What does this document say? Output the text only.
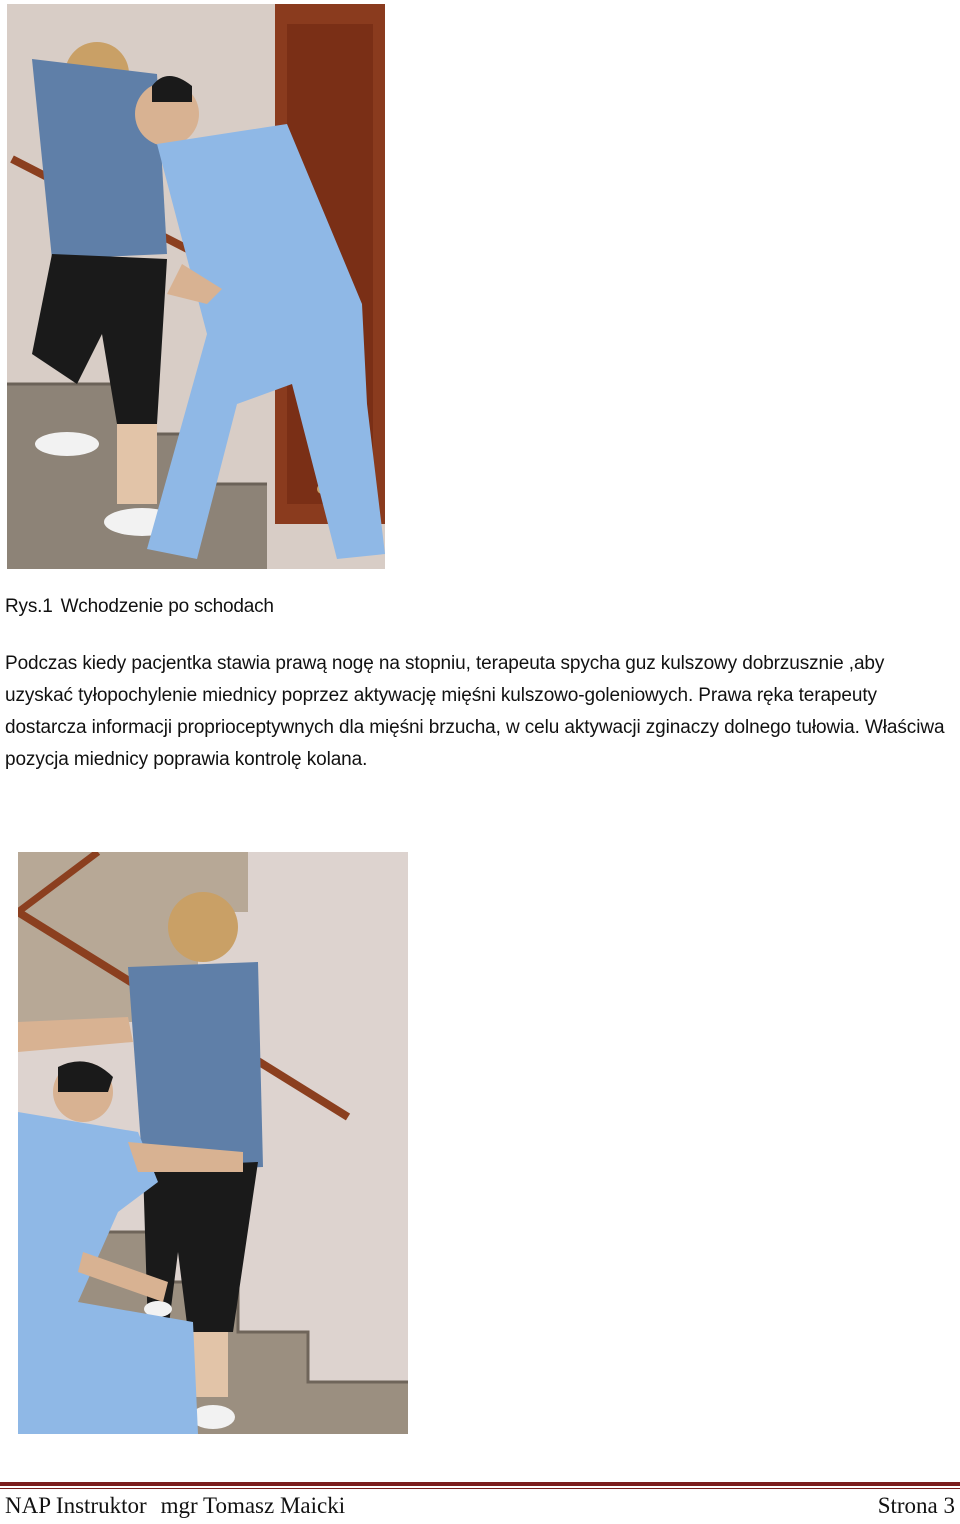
Rys.1 Wchodzenie po schodach

Podczas kiedy pacjentka stawia prawą nogę na stopniu, terapeuta spycha guz kulszowy dobrzusznie ,aby uzyskać tyłopochylenie miednicy poprzez aktywację mięśni kulszowo-goleniowych. Prawa ręka terapeuty dostarcza informacji proprioceptywnych dla mięśni brzucha, w celu aktywacji zginaczy dolnego tułowia. Właściwa pozycja miednicy poprawia kontrolę kolana.

NAP Instruktor mgr Tomasz Maicki	Strona 3
